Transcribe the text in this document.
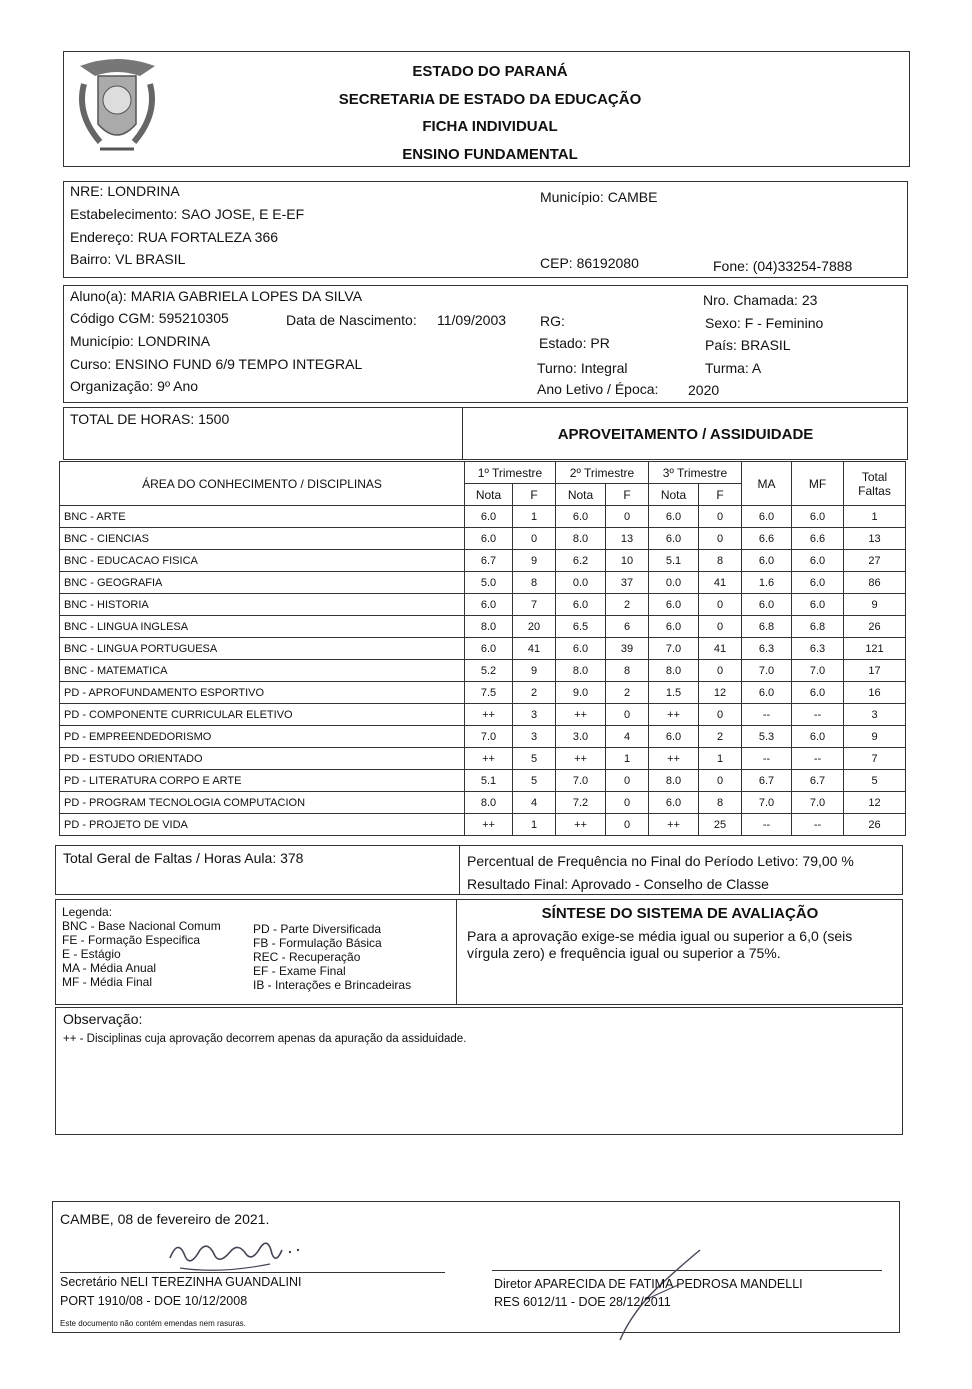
ESTADO DO PARANÁ
SECRETARIA DE ESTADO DA EDUCAÇÃO
FICHA INDIVIDUAL
ENSINO FUNDAMENTAL
NRE: LONDRINA
Estabelecimento: SAO JOSE, E E-EF
Endereço: RUA FORTALEZA 366
Bairro: VL BRASIL
Município: CAMBE
CEP: 86192080	Fone: (04)33254-7888
Aluno(a): MARIA GABRIELA LOPES DA SILVA
Código CGM: 595210305	Data de Nascimento: 11/09/2003
Município: LONDRINA
Curso: ENSINO FUND 6/9 TEMPO INTEGRAL
Organização: 9º Ano
Nro. Chamada: 23
RG:	Sexo: F - Feminino
Estado: PR	País: BRASIL
Turno: Integral	Turma: A
Ano Letivo / Época: 2020
TOTAL DE HORAS: 1500
APROVEITAMENTO / ASSIDUIDADE
ÁREA DO CONHECIMENTO / DISCIPLINAS	1º Trimestre		2º Trimestre		3º Trimestre		MA	MF	Total Faltas
	Nota	F	Nota	F	Nota	F			
BNC - ARTE	6.0	1	6.0	0	6.0	0	6.0	6.0	1
BNC - CIENCIAS	6.0	0	8.0	13	6.0	0	6.6	6.6	13
BNC - EDUCACAO FISICA	6.7	9	6.2	10	5.1	8	6.0	6.0	27
BNC - GEOGRAFIA	5.0	8	0.0	37	0.0	41	1.6	6.0	86
BNC - HISTORIA	6.0	7	6.0	2	6.0	0	6.0	6.0	9
BNC - LINGUA INGLESA	8.0	20	6.5	6	6.0	0	6.8	6.8	26
BNC - LINGUA PORTUGUESA	6.0	41	6.0	39	7.0	41	6.3	6.3	121
BNC - MATEMATICA	5.2	9	8.0	8	8.0	0	7.0	7.0	17
PD - APROFUNDAMENTO ESPORTIVO	7.5	2	9.0	2	1.5	12	6.0	6.0	16
PD - COMPONENTE CURRICULAR ELETIVO	++	3	++	0	++	0	--	--	3
PD - EMPREENDEDORISMO	7.0	3	3.0	4	6.0	2	5.3	6.0	9
PD - ESTUDO ORIENTADO	++	5	++	1	++	1	--	--	7
PD - LITERATURA CORPO E ARTE	5.1	5	7.0	0	8.0	0	6.7	6.7	5
PD - PROGRAM TECNOLOGIA COMPUTACION	8.0	4	7.2	0	6.0	8	7.0	7.0	12
PD - PROJETO DE VIDA	++	1	++	0	++	25	--	--	26
Total Geral de Faltas / Horas Aula: 378	Percentual de Frequência no Final do Período Letivo: 79,00 %
Resultado Final: Aprovado - Conselho de Classe
Legenda:
BNC - Base Nacional Comum
FE - Formação Especifica
E - Estágio
MA - Média Anual
MF - Média Final
PD - Parte Diversificada
FB - Formulação Básica
REC - Recuperação
EF - Exame Final
IB - Interações e Brincadeiras
SÍNTESE DO SISTEMA DE AVALIAÇÃO
Para a aprovação exige-se média igual ou superior a 6,0 (seis
vírgula zero) e frequência igual ou superior a 75%.
Observação:
++ - Disciplinas cuja aprovação decorrem apenas da apuração da assiduidade.
CAMBE, 08 de fevereiro de 2021.
Secretário NELI TEREZINHA GUANDALINI
PORT 1910/08 - DOE 10/12/2008
Diretor APARECIDA DE FATIMA PEDROSA MANDELLI
RES 6012/11 - DOE 28/12/2011
Este documento não contém emendas nem rasuras.
